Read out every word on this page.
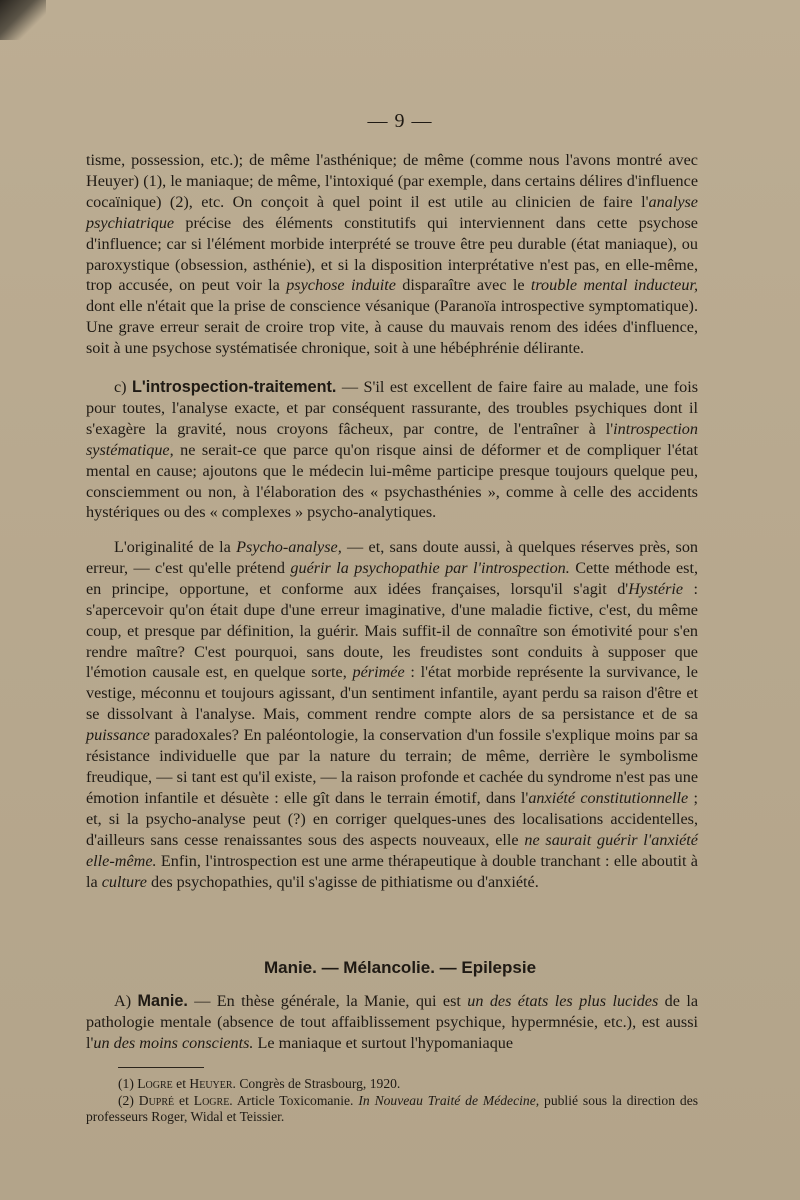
— 9 —

tisme, possession, etc.); de même l'asthénique; de même (comme nous l'avons montré avec Heuyer) (1), le maniaque; de même, l'intoxiqué (par exemple, dans certains délires d'influence cocaïnique) (2), etc. On conçoit à quel point il est utile au clinicien de faire l'analyse psychiatrique précise des éléments constitutifs qui interviennent dans cette psychose d'influence; car si l'élément morbide interprété se trouve être peu durable (état maniaque), ou paroxystique (obsession, asthénie), et si la disposition interprétative n'est pas, en elle-même, trop accusée, on peut voir la psychose induite disparaître avec le trouble mental inducteur, dont elle n'était que la prise de conscience vésanique (Paranoïa introspective symptomatique). Une grave erreur serait de croire trop vite, à cause du mauvais renom des idées d'influence, soit à une psychose systématisée chronique, soit à une hébéphrénie délirante.

c) L'introspection-traitement. — S'il est excellent de faire faire au malade, une fois pour toutes, l'analyse exacte, et par conséquent rassurante, des troubles psychiques dont il s'exagère la gravité, nous croyons fâcheux, par contre, de l'entraîner à l'introspection systématique, ne serait-ce que parce qu'on risque ainsi de déformer et de compliquer l'état mental en cause; ajoutons que le médecin lui-même participe presque toujours quelque peu, consciemment ou non, à l'élaboration des « psychasthénies », comme à celle des accidents hystériques ou des « complexes » psycho-analytiques.

L'originalité de la Psycho-analyse, — et, sans doute aussi, à quelques réserves près, son erreur, — c'est qu'elle prétend guérir la psychopathie par l'introspection. Cette méthode est, en principe, opportune, et conforme aux idées françaises, lorsqu'il s'agit d'Hystérie : s'apercevoir qu'on était dupe d'une erreur imaginative, d'une maladie fictive, c'est, du même coup, et presque par définition, la guérir. Mais suffit-il de connaître son émotivité pour s'en rendre maître? C'est pourquoi, sans doute, les freudistes sont conduits à supposer que l'émotion causale est, en quelque sorte, périmée : l'état morbide représente la survivance, le vestige, méconnu et toujours agissant, d'un sentiment infantile, ayant perdu sa raison d'être et se dissolvant à l'analyse. Mais, comment rendre compte alors de sa persistance et de sa puissance paradoxales? En paléontologie, la conservation d'un fossile s'explique moins par sa résistance individuelle que par la nature du terrain; de même, derrière le symbolisme freudique, — si tant est qu'il existe, — la raison profonde et cachée du syndrome n'est pas une émotion infantile et désuète : elle gît dans le terrain émotif, dans l'anxiété constitutionnelle ; et, si la psycho-analyse peut (?) en corriger quelques-unes des localisations accidentelles, d'ailleurs sans cesse renaissantes sous des aspects nouveaux, elle ne saurait guérir l'anxiété elle-même. Enfin, l'introspection est une arme thérapeutique à double tranchant : elle aboutit à la culture des psychopathies, qu'il s'agisse de pithiatisme ou d'anxiété.

Manie. — Mélancolie. — Epilepsie

A) Manie. — En thèse générale, la Manie, qui est un des états les plus lucides de la pathologie mentale (absence de tout affaiblissement psychique, hypermnésie, etc.), est aussi l'un des moins conscients. Le maniaque et surtout l'hypomaniaque

(1) Logre et Heuyer. Congrès de Strasbourg, 1920.

(2) Dupré et Logre. Article Toxicomanie. In Nouveau Traité de Médecine, publié sous la direction des professeurs Roger, Widal et Teissier.
